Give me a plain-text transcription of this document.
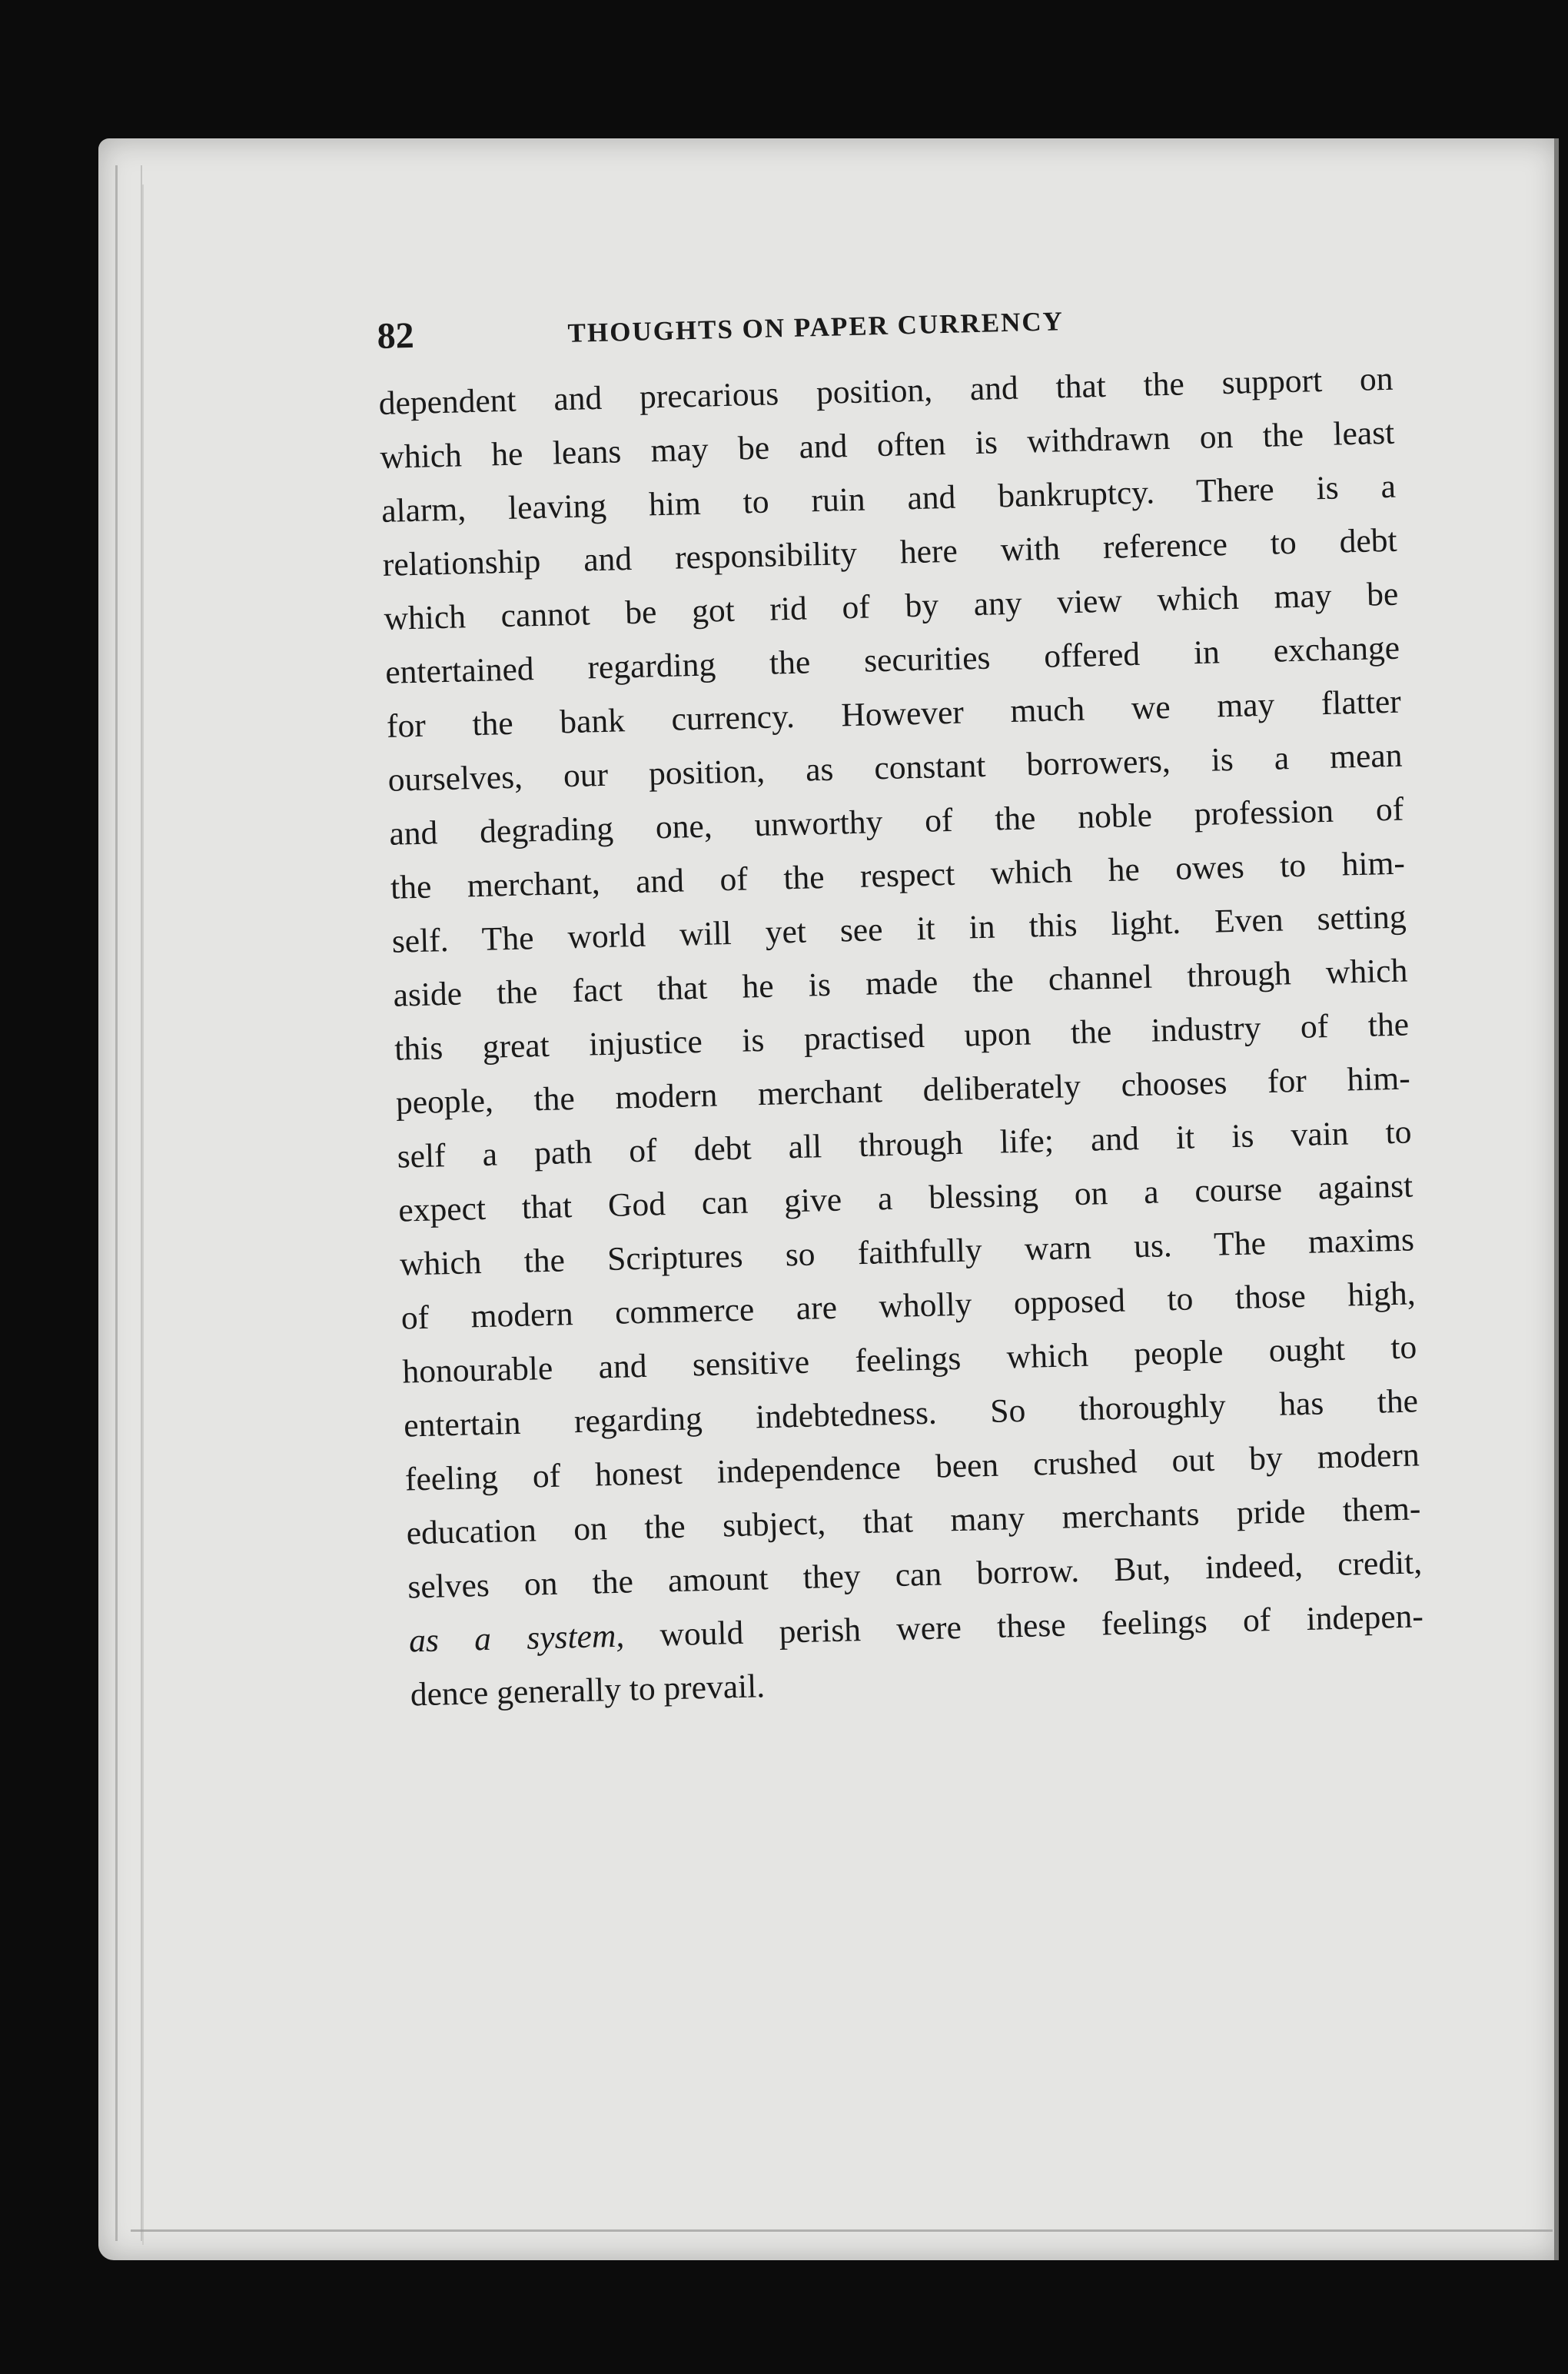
82	THOUGHTS ON PAPER CURRENCY
dependent and precarious position, and that the support on
which he leans may be and often is withdrawn on the least
alarm, leaving him to ruin and bankruptcy. There is a
relationship and responsibility here with reference to debt
which cannot be got rid of by any view which may be
entertained regarding the securities offered in exchange
for the bank currency. However much we may flatter
ourselves, our position, as constant borrowers, is a mean
and degrading one, unworthy of the noble profession of
the merchant, and of the respect which he owes to him-
self. The world will yet see it in this light. Even setting
aside the fact that he is made the channel through which
this great injustice is practised upon the industry of the
people, the modern merchant deliberately chooses for him-
self a path of debt all through life; and it is vain to
expect that God can give a blessing on a course against
which the Scriptures so faithfully warn us. The maxims
of modern commerce are wholly opposed to those high,
honourable and sensitive feelings which people ought to
entertain regarding indebtedness. So thoroughly has the
feeling of honest independence been crushed out by modern
education on the subject, that many merchants pride them-
selves on the amount they can borrow. But, indeed, credit,
as a system, would perish were these feelings of indepen-
dence generally to prevail.
